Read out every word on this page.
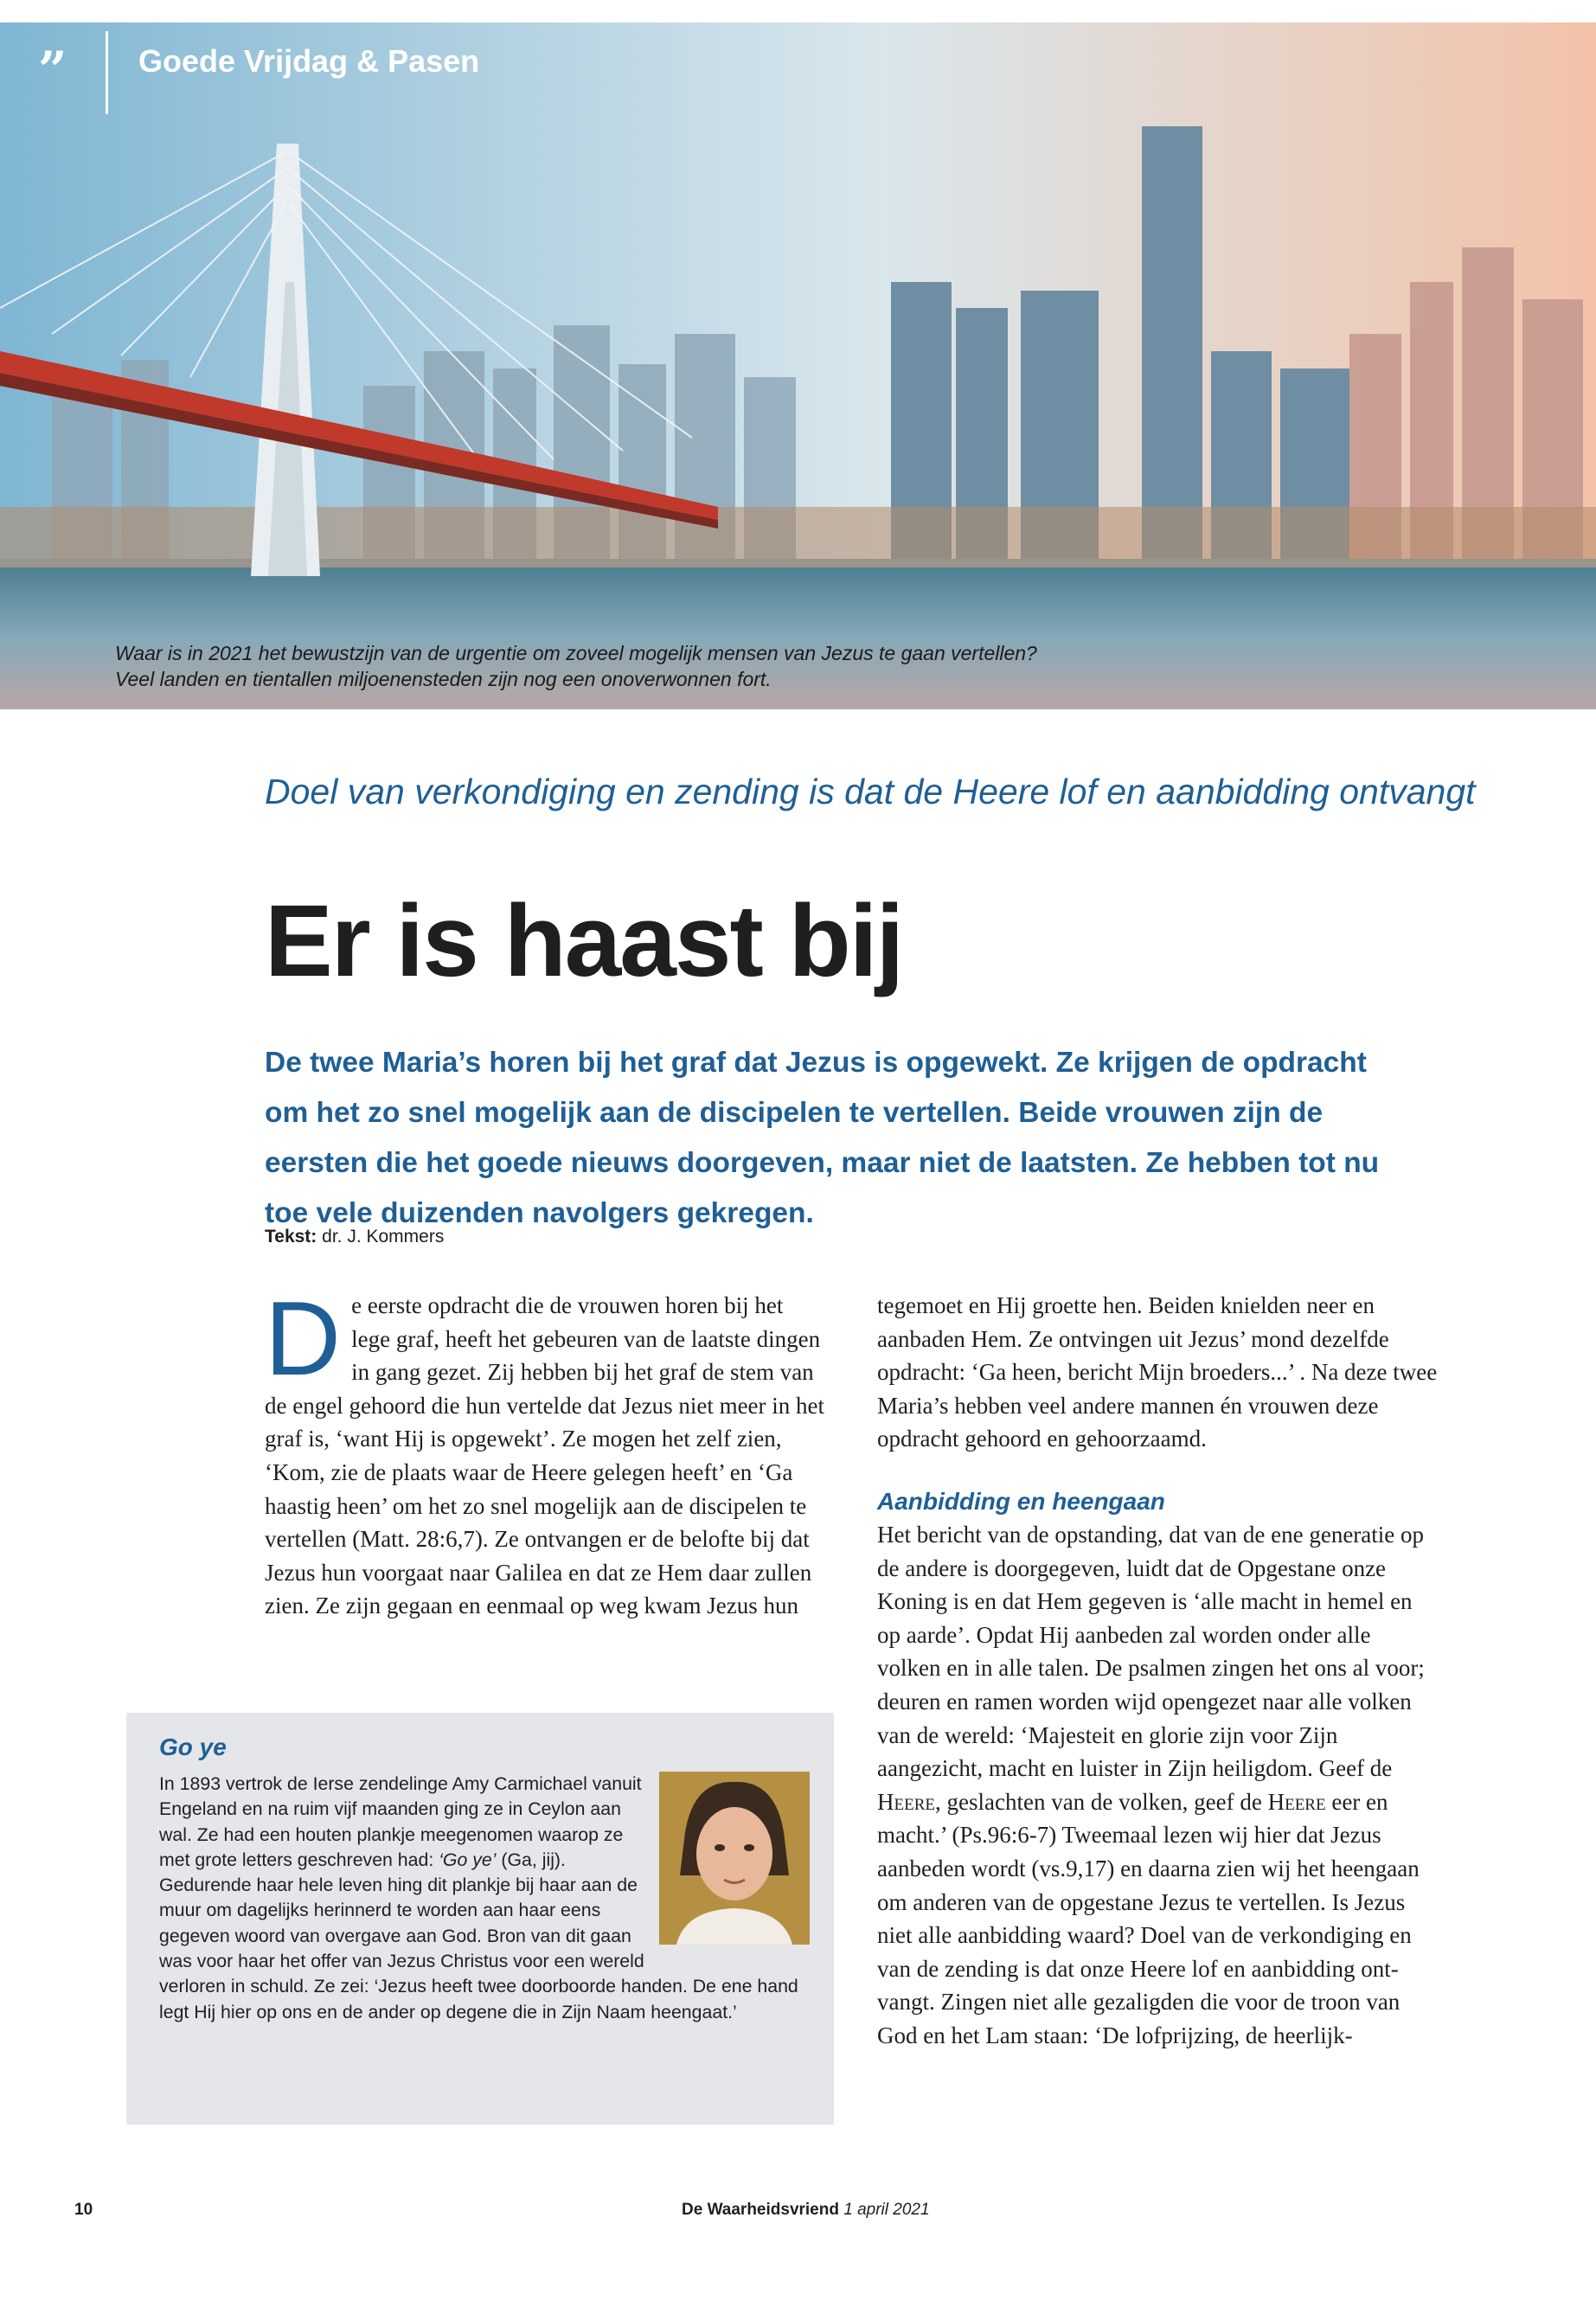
” Goede Vrijdag & Pasen
Waar is in 2021 het bewustzijn van de urgentie om zoveel mogelijk mensen van Jezus te gaan vertellen?
Veel landen en tientallen miljoenensteden zijn nog een onoverwonnen fort.
Doel van verkondiging en zending is dat de Heere lof en aanbidding ontvangt
Er is haast bij
De twee Maria’s horen bij het graf dat Jezus is opgewekt. Ze krijgen de opdracht om het zo snel mogelijk aan de discipelen te vertellen. Beide vrouwen zijn de eersten die het goede nieuws doorgeven, maar niet de laatsten. Ze hebben tot nu toe vele duizenden navolgers gekregen.
Tekst: dr. J. Kommers
De eerste opdracht die de vrouwen horen bij het lege graf, heeft het gebeuren van de laatste dingen in gang gezet. Zij hebben bij het graf de stem van de engel gehoord die hun vertelde dat Jezus niet meer in het graf is, ‘want Hij is opgewekt’. Ze mogen het zelf zien, ‘Kom, zie de plaats waar de Heere gelegen heeft’ en ‘Ga haastig heen’ om het zo snel mogelijk aan de discipelen te vertellen (Matt. 28:6,7). Ze ontvangen er de belofte bij dat Jezus hun voorgaat naar Galilea en dat ze Hem daar zullen zien. Ze zijn gegaan en eenmaal op weg kwam Jezus hun
tegemoet en Hij groette hen. Beiden knielden neer en aanbaden Hem. Ze ontvingen uit Jezus’ mond dezelfde opdracht: ‘Ga heen, bericht Mijn broeders...’ . Na deze twee Maria’s hebben veel andere mannen én vrouwen deze opdracht gehoord en gehoorzaamd.
Aanbidding en heengaan
Het bericht van de opstanding, dat van de ene generatie op de andere is doorgegeven, luidt dat de Opgestane onze Koning is en dat Hem gegeven is ‘alle macht in hemel en op aarde’. Opdat Hij aanbeden zal worden onder alle volken en in alle talen. De psalmen zingen het ons al voor; deuren en ramen worden wijd opengezet naar alle volken van de wereld: ‘Majesteit en glorie zijn voor Zijn aangezicht, macht en luister in Zijn heiligdom. Geef de Heere, geslachten van de volken, geef de Heere eer en macht.’ (Ps.96:6-7) Tweemaal lezen wij hier dat Jezus aanbeden wordt (vs.9,17) en daarna zien wij het heengaan om anderen van de opgestane Jezus te vertellen. Is Jezus niet alle aanbidding waard? Doel van de verkondiging en van de zending is dat onze Heere lof en aanbidding ontvangt. Zingen niet alle gezaligden die voor de troon van God en het Lam staan: ‘De lofprijzing, de heerlijk-
Go ye
In 1893 vertrok de Ierse zendelinge Amy Carmichael vanuit Engeland en na ruim vijf maanden ging ze in Ceylon aan wal. Ze had een houten plankje meegenomen waarop ze met grote letters geschreven had: ‘Go ye’ (Ga, jij). Gedurende haar hele leven hing dit plankje bij haar aan de muur om dagelijks herinnerd te worden aan haar eens gegeven woord van overgave aan God. Bron van dit gaan was voor haar het offer van Jezus Christus voor een wereld verloren in schuld. Ze zei: ‘Jezus heeft twee doorboorde handen. De ene hand legt Hij hier op ons en de ander op degene die in Zijn Naam heengaat.’
10	De Waarheidsvriend 1 april 2021
